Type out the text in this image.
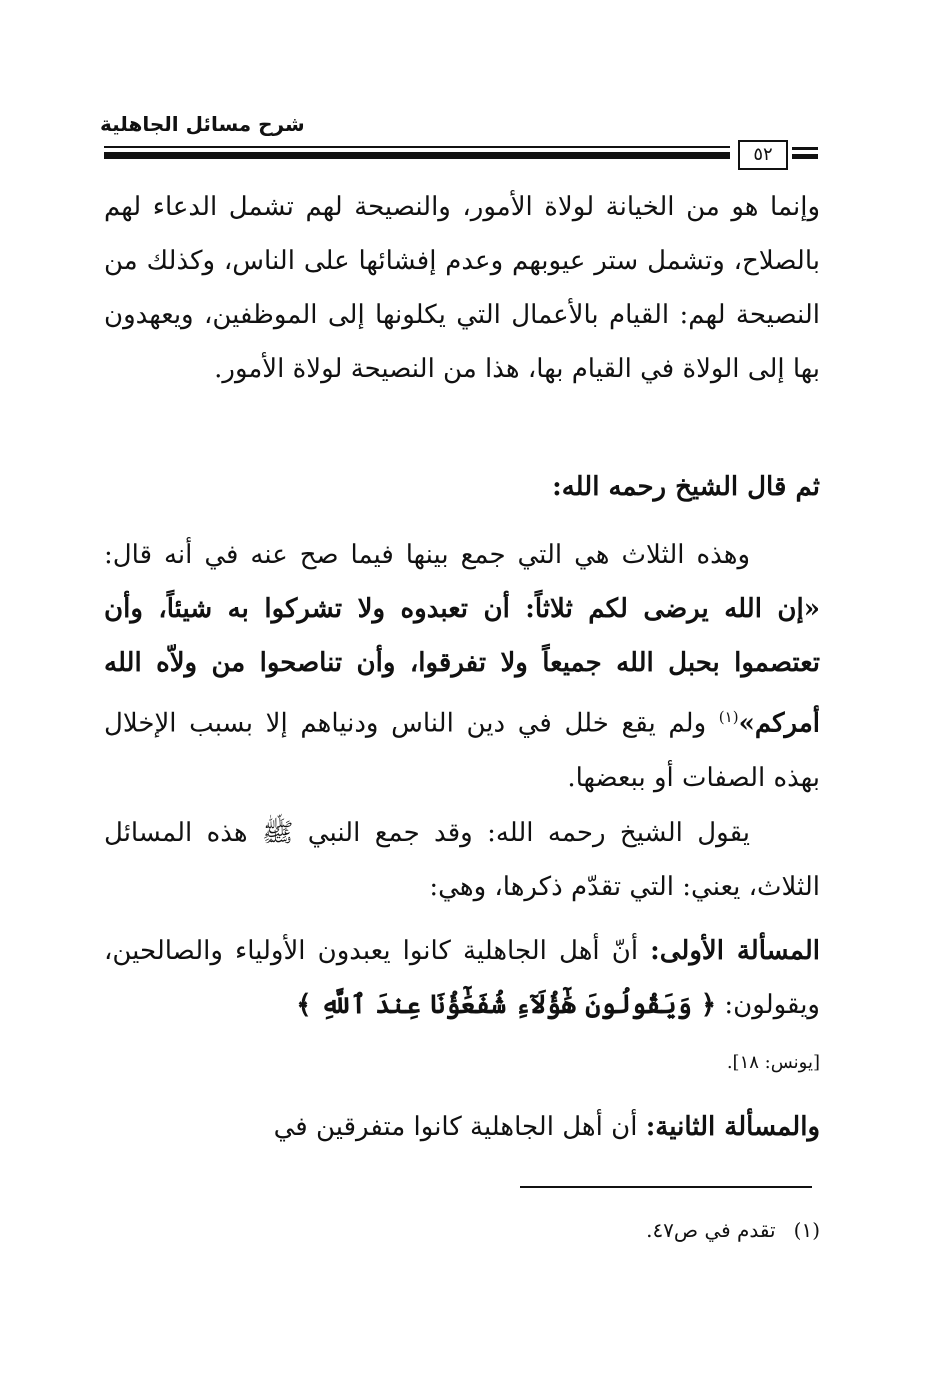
شرح مسائل الجاهلية
٥٢
وإنما هو من الخيانة لولاة الأمور، والنصيحة لهم تشمل الدعاء لهم بالصلاح، وتشمل ستر عيوبهم وعدم إفشائها على الناس، وكذلك من النصيحة لهم: القيام بالأعمال التي يكلونها إلى الموظفين، ويعهدون بها إلى الولاة في القيام بها، هذا من النصيحة لولاة الأمور.
ثم قال الشيخ رحمه الله:
وهذه الثلاث هي التي جمع بينها فيما صح عنه في أنه قال: «إن الله يرضى لكم ثلاثاً: أن تعبدوه ولا تشركوا به شيئاً، وأن تعتصموا بحبل الله جميعاً ولا تفرقوا، وأن تناصحوا من ولاّه الله أمركم»$^{(١)}$ ولم يقع خلل في دين الناس ودنياهم إلا بسبب الإخلال بهذه الصفات أو ببعضها.
يقول الشيخ رحمه الله: وقد جمع النبي ﷺ هذه المسائل الثلاث، يعني: التي تقدّم ذكرها، وهي:
المسألة الأولى: أنّ أهل الجاهلية كانوا يعبدون الأولياء والصالحين، ويقولون: ﴿ وَيَقُولُونَ هَٰٓؤُلَآءِ شُفَعَٰٓؤُنَا عِندَ ٱللَّهِ ﴾
[يونس: ١٨].
والمسألة الثانية: أن أهل الجاهلية كانوا متفرقين في
(١)تقدم في ص٤٧.
